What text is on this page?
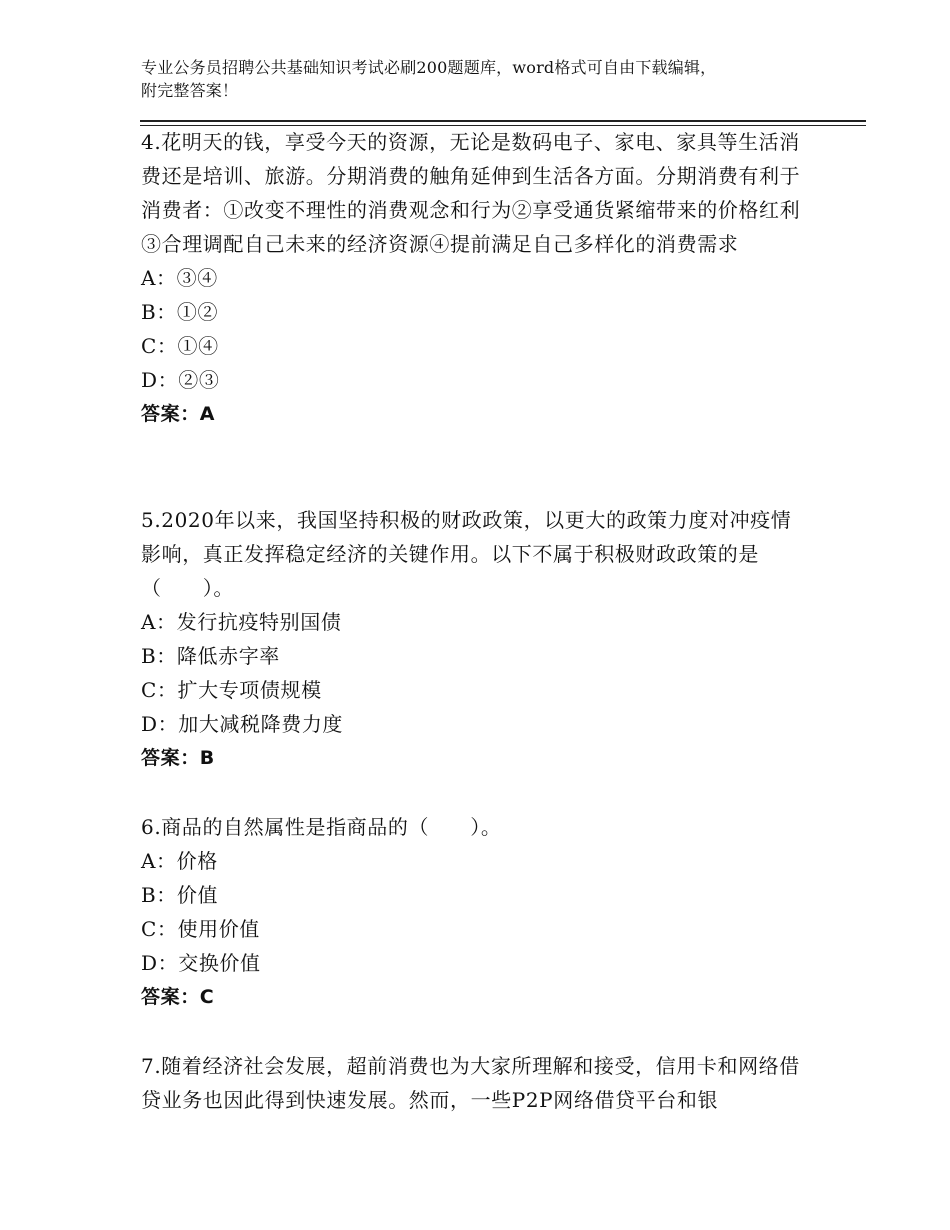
专业公务员招聘公共基础知识考试必刷200题题库，word格式可自由下载编辑，
附完整答案！

4.花明天的钱，享受今天的资源，无论是数码电子、家电、家具等生活消费还是培训、旅游。分期消费的触角延伸到生活各方面。分期消费有利于消费者：①改变不理性的消费观念和行为②享受通货紧缩带来的价格红利③合理调配自己未来的经济资源④提前满足自己多样化的消费需求

A：③④

B：①②

C：①④

D：②③

答案：A

5.2020年以来，我国坚持积极的财政政策，以更大的政策力度对冲疫情影响，真正发挥稳定经济的关键作用。以下不属于积极财政政策的是（　　）。

A：发行抗疫特别国债

B：降低赤字率

C：扩大专项债规模

D：加大减税降费力度

答案：B

6.商品的自然属性是指商品的（　　）。

A：价格

B：价值

C：使用价值

D：交换价值

答案：C

7.随着经济社会发展，超前消费也为大家所理解和接受，信用卡和网络借贷业务也因此得到快速发展。然而，一些P2P网络借贷平台和银
